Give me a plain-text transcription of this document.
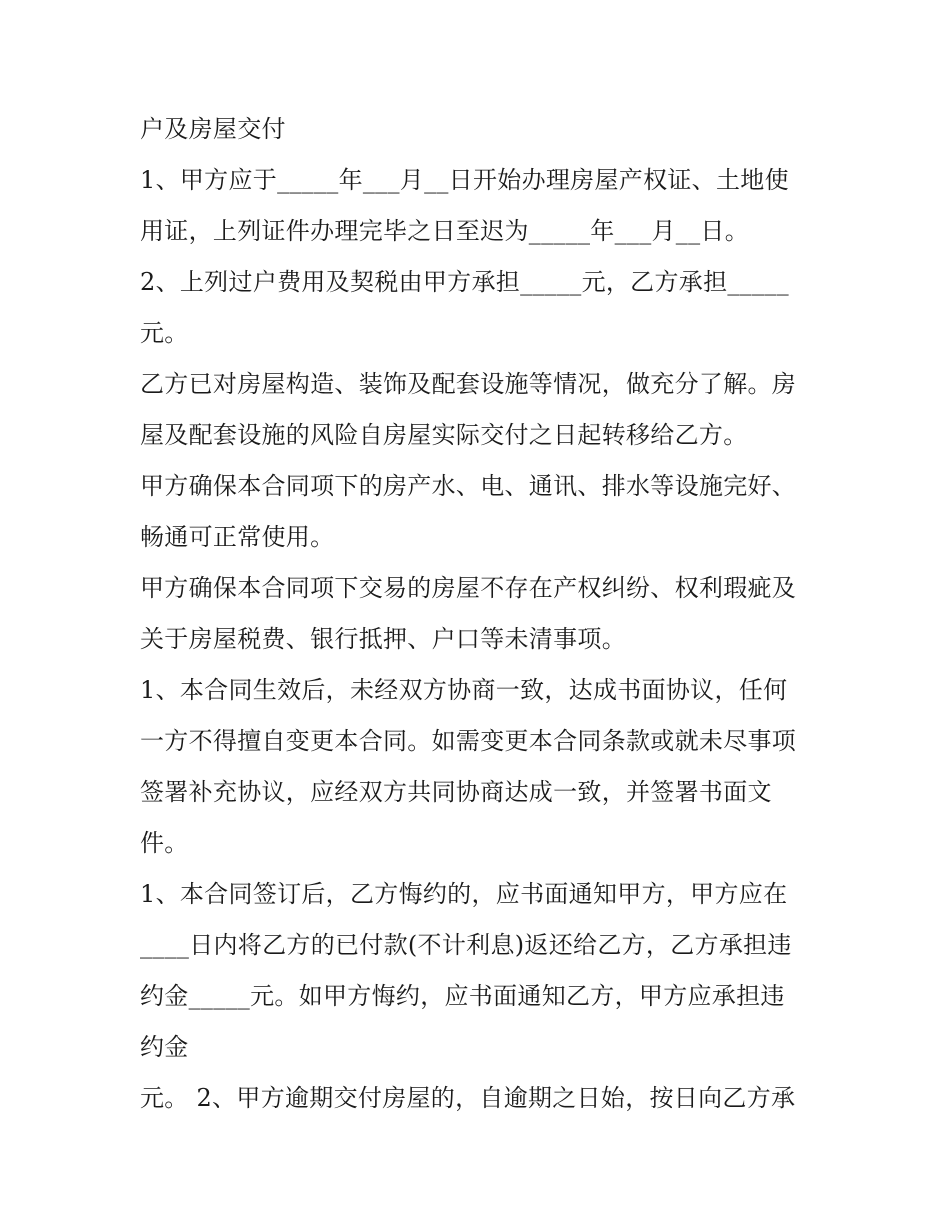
户及房屋交付
1、甲方应于_____年___月__日开始办理房屋产权证、土地使
用证，上列证件办理完毕之日至迟为_____年___月__日。
2、上列过户费用及契税由甲方承担_____元，乙方承担_____
元。
乙方已对房屋构造、装饰及配套设施等情况，做充分了解。房
屋及配套设施的风险自房屋实际交付之日起转移给乙方。
甲方确保本合同项下的房产水、电、通讯、排水等设施完好、
畅通可正常使用。
甲方确保本合同项下交易的房屋不存在产权纠纷、权利瑕疵及
关于房屋税费、银行抵押、户口等未清事项。
1、本合同生效后，未经双方协商一致，达成书面协议，任何
一方不得擅自变更本合同。如需变更本合同条款或就未尽事项
签署补充协议，应经双方共同协商达成一致，并签署书面文
件。
1、本合同签订后，乙方悔约的，应书面通知甲方，甲方应在
____日内将乙方的已付款(不计利息)返还给乙方，乙方承担违
约金_____元。如甲方悔约，应书面通知乙方，甲方应承担违
约金
元。 2、甲方逾期交付房屋的，自逾期之日始，按日向乙方承
